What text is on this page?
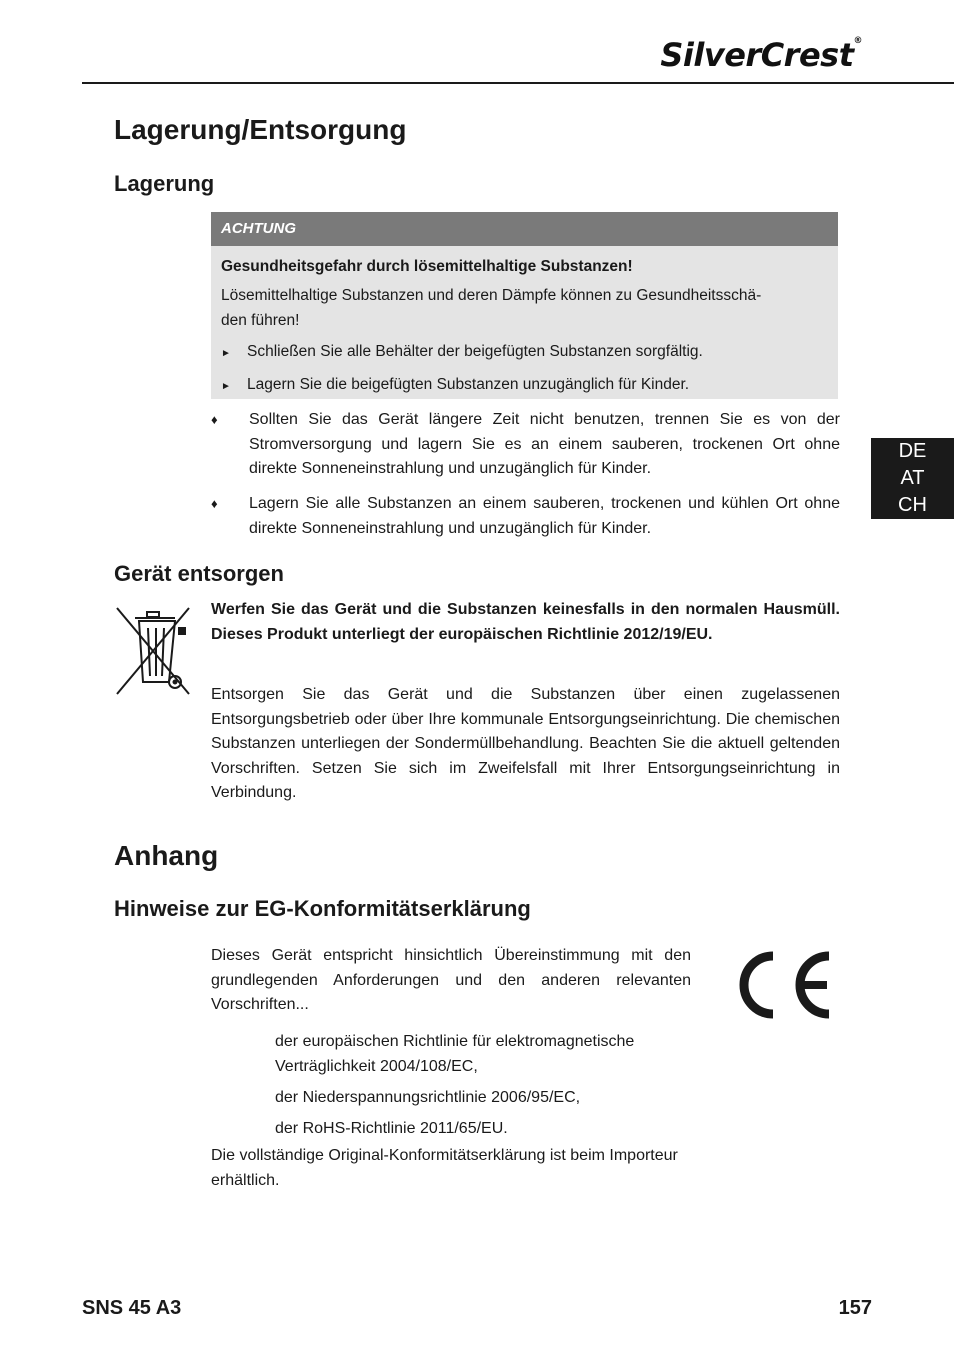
SilverCrest®
DE
AT
CH
Lagerung/Entsorgung
Lagerung
ACHTUNG
Gesundheitsgefahr durch lösemittelhaltige Substanzen!
Lösemittelhaltige Substanzen und deren Dämpfe können zu Gesundheitsschä-
den führen!
►	Schließen Sie alle Behälter der beigefügten Substanzen sorgfältig.
►	Lagern Sie die beigefügten Substanzen unzugänglich für Kinder.
♦	Sollten Sie das Gerät längere Zeit nicht benutzen, trennen Sie es von der Stromversorgung und lagern Sie es an einem sauberen, trockenen Ort ohne direkte Sonneneinstrahlung und unzugänglich für Kinder.
♦	Lagern Sie alle Substanzen an einem sauberen, trockenen und kühlen Ort ohne direkte Sonneneinstrahlung und unzugänglich für Kinder.
Gerät entsorgen
Werfen Sie das Gerät und die Substanzen keinesfalls in den normalen Hausmüll. Dieses Produkt unterliegt der europäischen Richtlinie 2012/19/EU.
Entsorgen Sie das Gerät und die Substanzen über einen zugelassenen Entsorgungsbetrieb oder über Ihre kommunale Entsorgungseinrichtung. Die chemischen Substanzen unterliegen der Sondermüllbehandlung. Beachten Sie die aktuell geltenden Vorschriften. Setzen Sie sich im Zweifelsfall mit Ihrer Entsorgungseinrichtung in Verbindung.
Anhang
Hinweise zur EG-Konformitätserklärung
Dieses Gerät entspricht hinsichtlich Übereinstimmung mit den grundlegenden Anforderungen und den anderen relevanten Vorschriften...
der europäischen Richtlinie für elektromagnetische Verträglichkeit 2004/108/EC,
der Niederspannungsrichtlinie 2006/95/EC,
der RoHS-Richtlinie 2011/65/EU.
Die vollständige Original-Konformitätserklärung ist beim Importeur erhältlich.
SNS 45 A3	157
